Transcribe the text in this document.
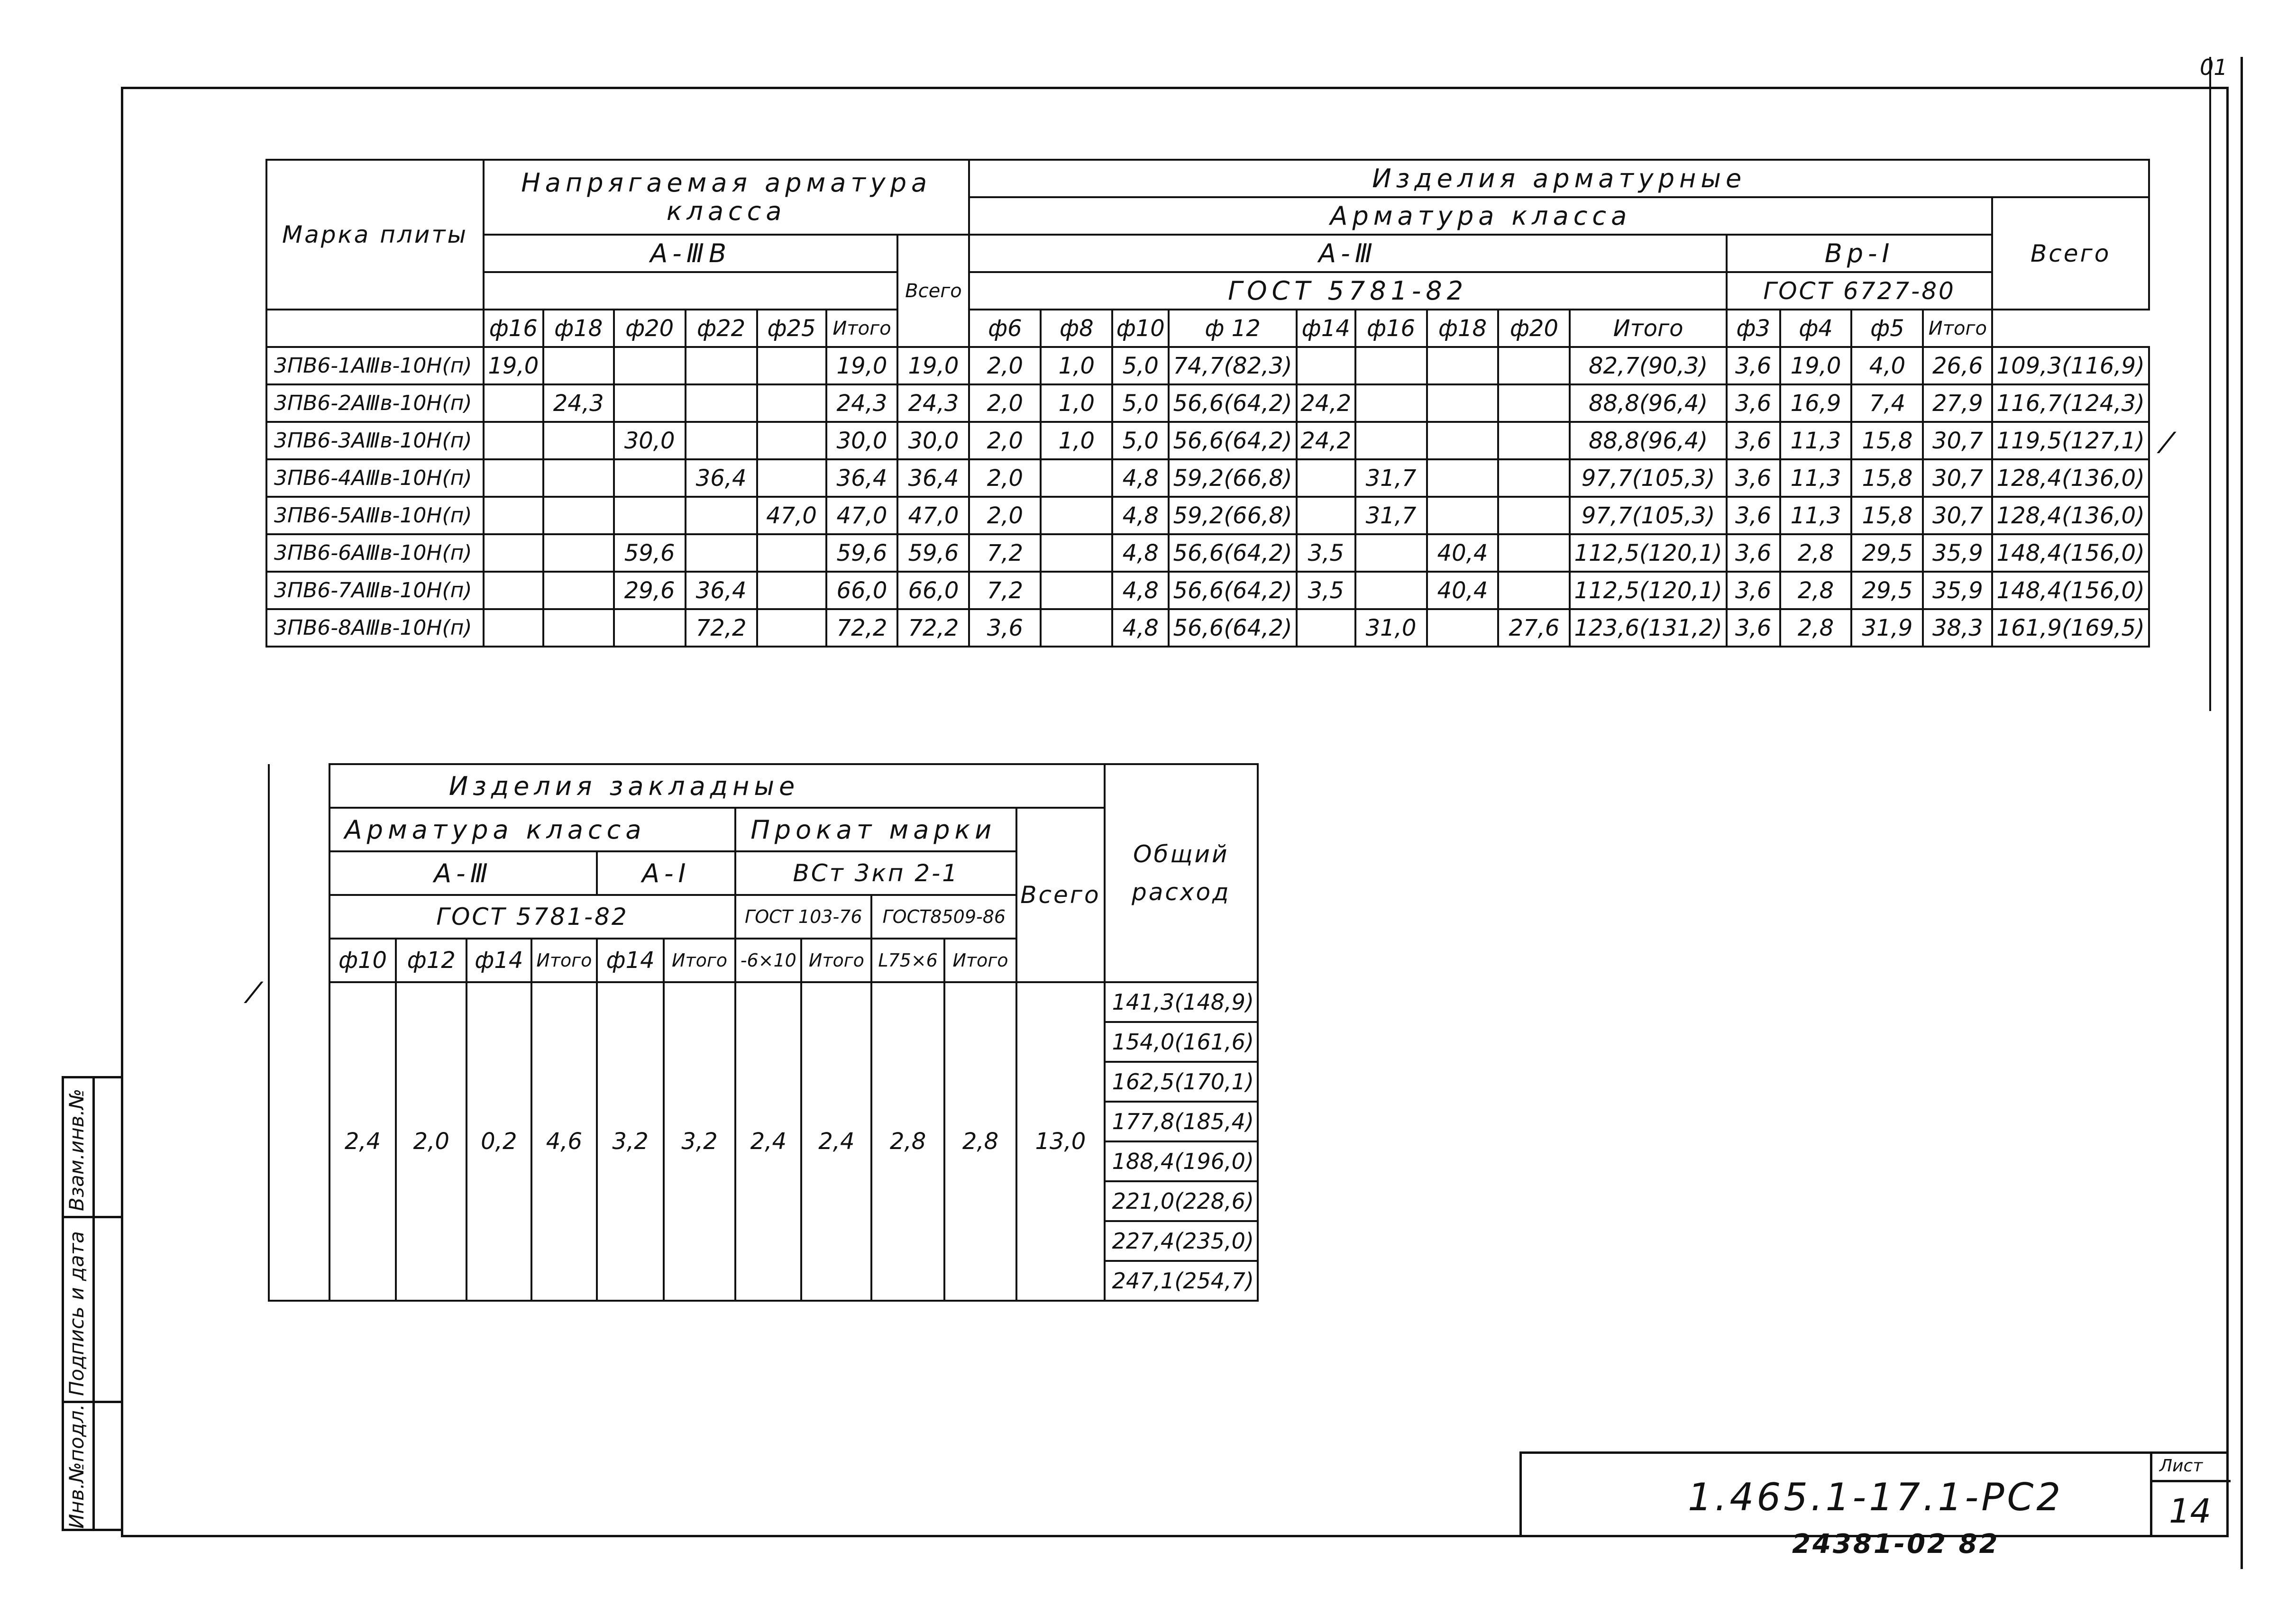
01
Марка плиты	Напрягаемая арматура класса							Изделия арматурные													
								Арматура класса													Всего
	А-ⅢВ						Всего	А-Ⅲ									Вр-I				
								ГОСТ 5781-82									ГОСТ 6727-80				
	ф16	ф18	ф20	ф22	ф25	Итого		ф6	ф8	ф10	ф 12	ф14	ф16	ф18	ф20	Итого	ф3	ф4	ф5	Итого	
3ПВ6-1АⅢв-10Н(п)	19,0					19,0	19,0	2,0	1,0	5,0	74,7(82,3)					82,7(90,3)	3,6	19,0	4,0	26,6	109,3(116,9)
3ПВ6-2АⅢв-10Н(п)		24,3				24,3	24,3	2,0	1,0	5,0	56,6(64,2)	24,2				88,8(96,4)	3,6	16,9	7,4	27,9	116,7(124,3)
3ПВ6-3АⅢв-10Н(п)			30,0			30,0	30,0	2,0	1,0	5,0	56,6(64,2)	24,2				88,8(96,4)	3,6	11,3	15,8	30,7	119,5(127,1)
3ПВ6-4АⅢв-10Н(п)				36,4		36,4	36,4	2,0		4,8	59,2(66,8)		31,7			97,7(105,3)	3,6	11,3	15,8	30,7	128,4(136,0)
3ПВ6-5АⅢв-10Н(п)					47,0	47,0	47,0	2,0		4,8	59,2(66,8)		31,7			97,7(105,3)	3,6	11,3	15,8	30,7	128,4(136,0)
3ПВ6-6АⅢв-10Н(п)			59,6			59,6	59,6	7,2		4,8	56,6(64,2)	3,5		40,4		112,5(120,1)	3,6	2,8	29,5	35,9	148,4(156,0)
3ПВ6-7АⅢв-10Н(п)			29,6	36,4		66,0	66,0	7,2		4,8	56,6(64,2)	3,5		40,4		112,5(120,1)	3,6	2,8	29,5	35,9	148,4(156,0)
3ПВ6-8АⅢв-10Н(п)				72,2		72,2	72,2	3,6		4,8	56,6(64,2)		31,0		27,6	123,6(131,2)	3,6	2,8	31,9	38,3	161,9(169,5)
	Изделия закладные											Общий расход
	Арматура класса						Прокат марки				Всего	
	А-Ⅲ				А-I		ВСт 3кп 2-1					
	ГОСТ 5781-82						ГОСТ 103-76		ГОСТ8509-86			
	ф10	ф12	ф14	Итого	ф14	Итого	-6×10	Итого	L75×6	Итого		
	2,4	2,0	0,2	4,6	3,2	3,2	2,4	2,4	2,8	2,8	13,0	141,3(148,9)
												154,0(161,6)
												162,5(170,1)
												177,8(185,4)
												188,4(196,0)
												221,0(228,6)
												227,4(235,0)
												247,1(254,7)
⁄
⁄
Взам.инв.№
Подпись и дата
Инв.№подл.	1.465.1-17.1-РС2
Лист
14
24381-02 82
